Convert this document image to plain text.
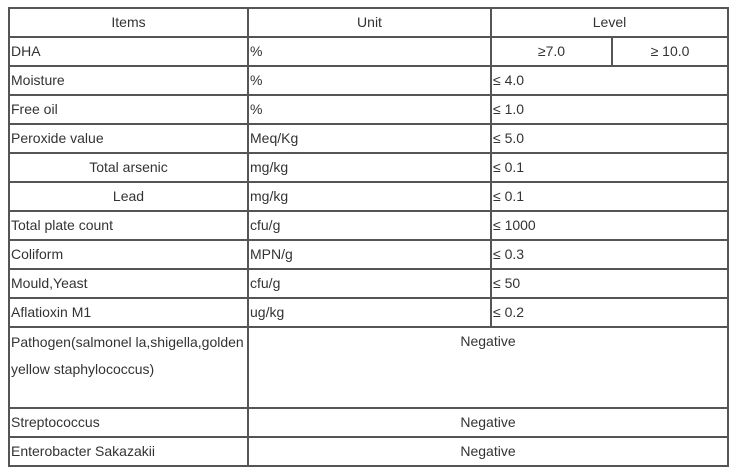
Items	Unit	Level	
DHA	%	≥7.0	≥ 10.0
Moisture	%	≤ 4.0	
Free oil	%	≤ 1.0	
Peroxide value	Meq/Kg	≤ 5.0	
Total arsenic	mg/kg	≤ 0.1	
Lead	mg/kg	≤ 0.1	
Total plate count	cfu/g	≤ 1000	
Coliform	MPN/g	≤ 0.3	
Mould,Yeast	cfu/g	≤ 50	
Aflatioxin M1	ug/kg	≤ 0.2	
Pathogen(salmonel la,shigella,golden yellow staphylococcus)	Negative		
Streptococcus	Negative		
Enterobacter Sakazakii	Negative		
